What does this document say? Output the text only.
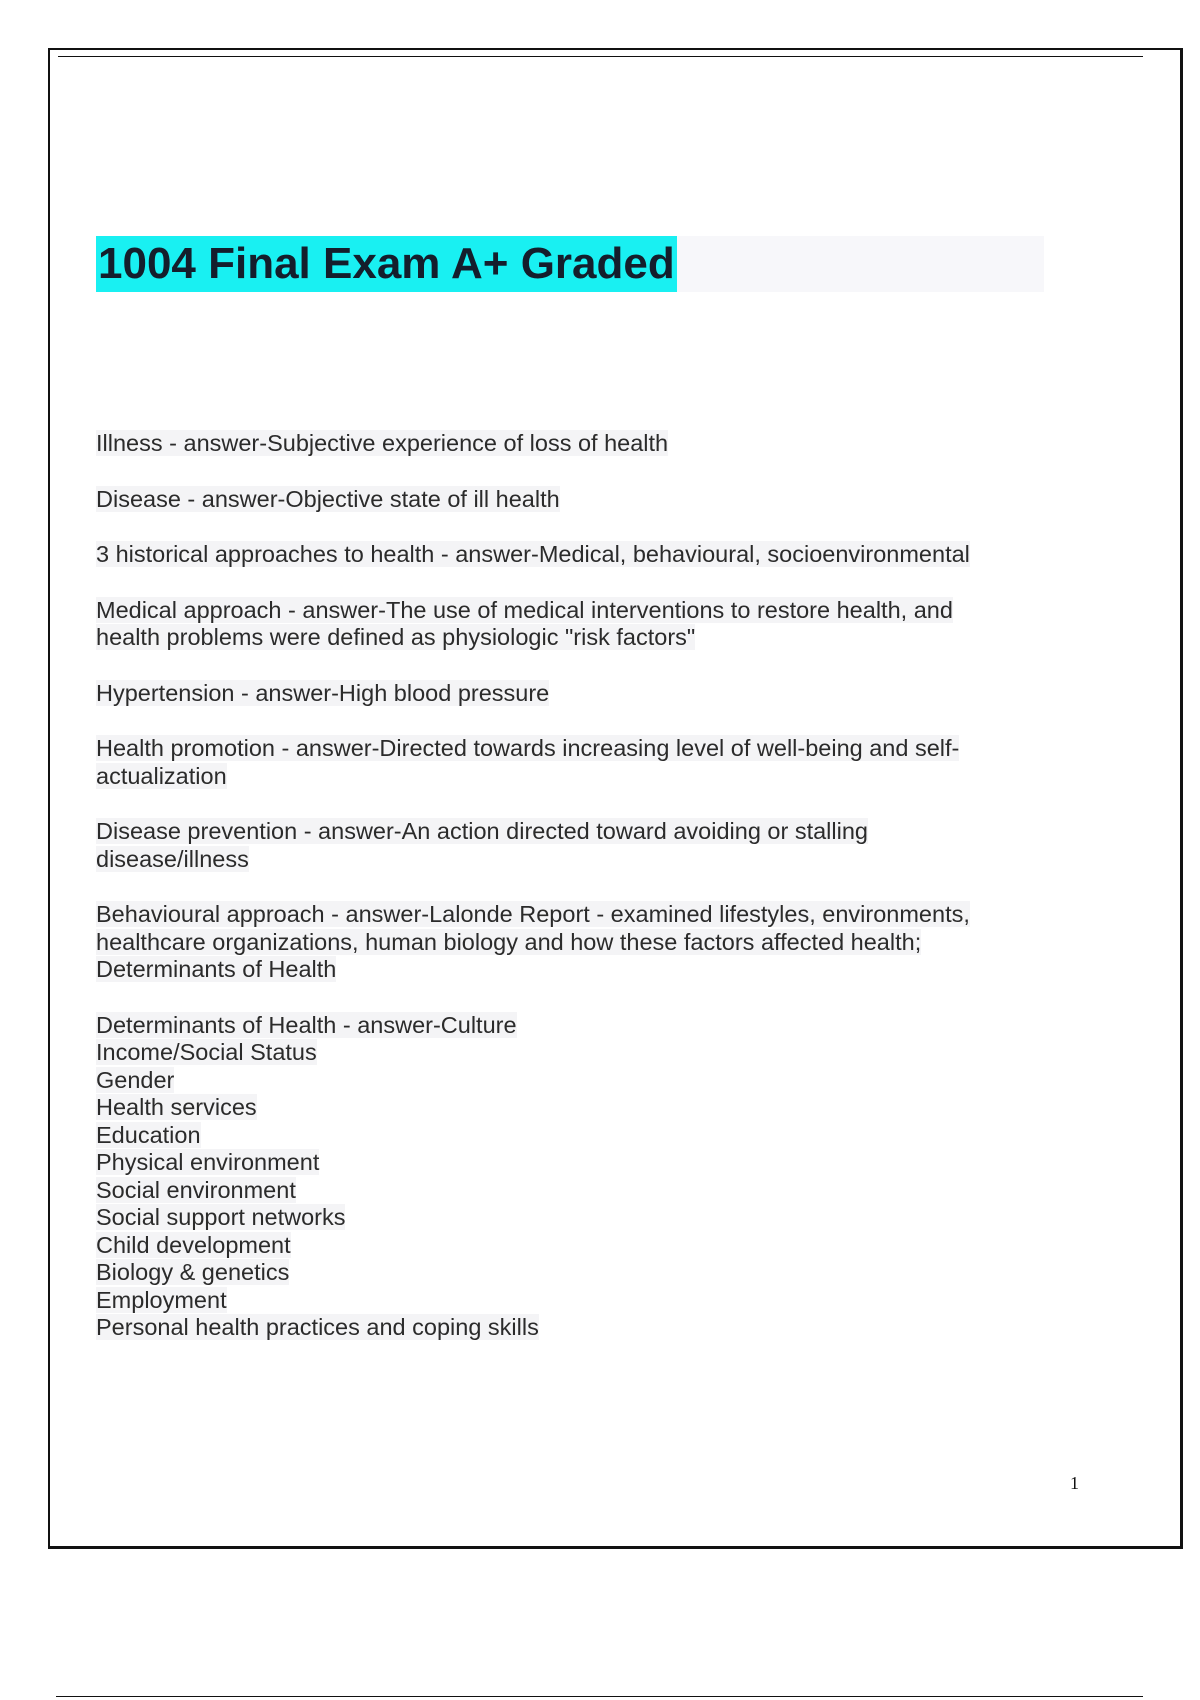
1004 Final Exam A+ Graded
Illness - answer-Subjective experience of loss of health
Disease - answer-Objective state of ill health
3 historical approaches to health - answer-Medical, behavioural, socioenvironmental
Medical approach - answer-The use of medical interventions to restore health, and
health problems were defined as physiologic "risk factors"
Hypertension - answer-High blood pressure
Health promotion - answer-Directed towards increasing level of well-being and self-
actualization
Disease prevention - answer-An action directed toward avoiding or stalling
disease/illness
Behavioural approach - answer-Lalonde Report - examined lifestyles, environments,
healthcare organizations, human biology and how these factors affected health;
Determinants of Health
Determinants of Health - answer-Culture
Income/Social Status
Gender
Health services
Education
Physical environment
Social environment
Social support networks
Child development
Biology & genetics
Employment
Personal health practices and coping skills
1
